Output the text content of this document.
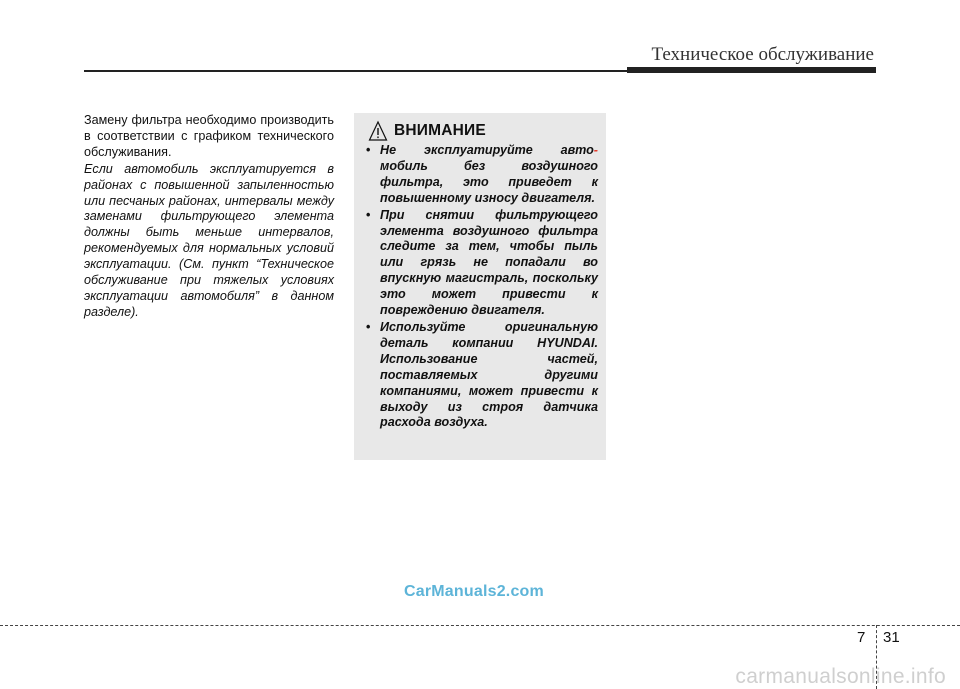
Техническое обслуживание

Замену фильтра необходимо производить в соответствии с графиком технического обслуживания.

Если автомобиль эксплуатируется в районах с повышенной запыленностью или песчаных районах, интервалы между заменами фильтрующего элемента должны быть меньше интервалов, рекомендуемых для нормальных условий эксплуатации. (См. пункт “Техническое обслуживание при тяжелых условиях эксплуатации автомобиля” в данном разделе).

ВНИМАНИЕ
• Не эксплуатируйте авто- мобиль без воздушного фильтра, это приведет к повышенному износу двигателя.
• При снятии фильтрующего элемента воздушного фильтра следите за тем, чтобы пыль или грязь не попадали во впускную магистраль, поскольку это может привести к повреждению двигателя.
• Используйте оригинальную деталь компании HYUNDAI. Использование частей, поставляемых другими компаниями, может привести к выходу из строя датчика расхода воздуха.
CarManuals2.com
7 31
carmanualsonline.info
